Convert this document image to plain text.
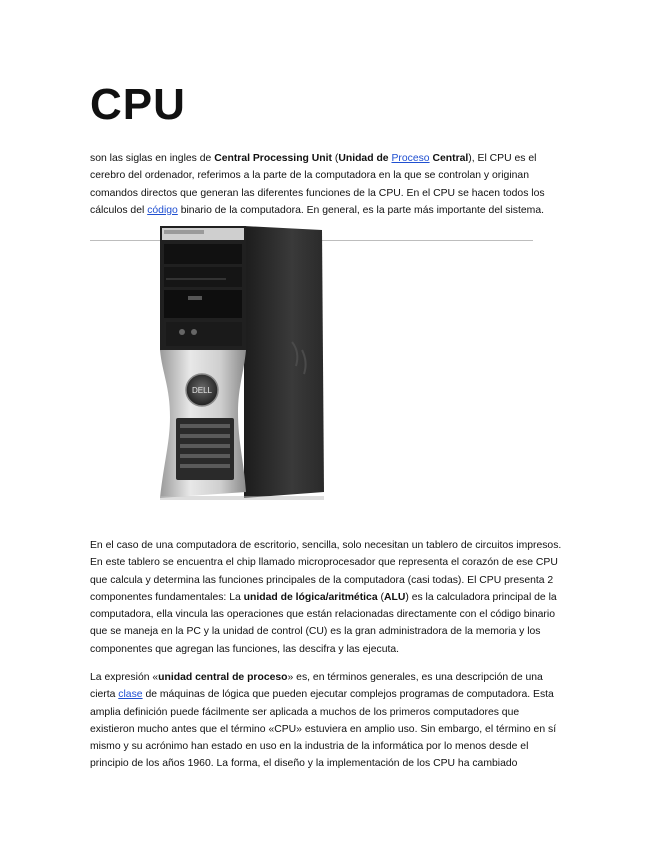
CPU

son las siglas en ingles de Central Processing Unit (Unidad de Proceso Central), El CPU es el cerebro del ordenador, referimos a la parte de la computadora en la que se controlan y originan comandos directos que generan las diferentes funciones de la CPU. En el CPU se hacen todos los cálculos del código binario de la computadora. En general, es la parte más importante del sistema.

DELL

En el caso de una computadora de escritorio, sencilla, solo necesitan un tablero de circuitos impresos. En este tablero se encuentra el chip llamado microprocesador que representa el corazón de ese CPU que calcula y determina las funciones principales de la computadora (casi todas). El CPU presenta 2 componentes fundamentales: La unidad de lógica/aritmética (ALU) es la calculadora principal de la computadora, ella vincula las operaciones que están relacionadas directamente con el código binario que se maneja en la PC y la unidad de control (CU) es la gran administradora de la memoria y los componentes que agregan las funciones, las descifra y las ejecuta.

La expresión «unidad central de proceso» es, en términos generales, es una descripción de una cierta clase de máquinas de lógica que pueden ejecutar complejos programas de computadora. Esta amplia definición puede fácilmente ser aplicada a muchos de los primeros computadores que existieron mucho antes que el término «CPU» estuviera en amplio uso. Sin embargo, el término en sí mismo y su acrónimo han estado en uso en la industria de la informática por lo menos desde el principio de los años 1960. La forma, el diseño y la implementación de los CPU ha cambiado
